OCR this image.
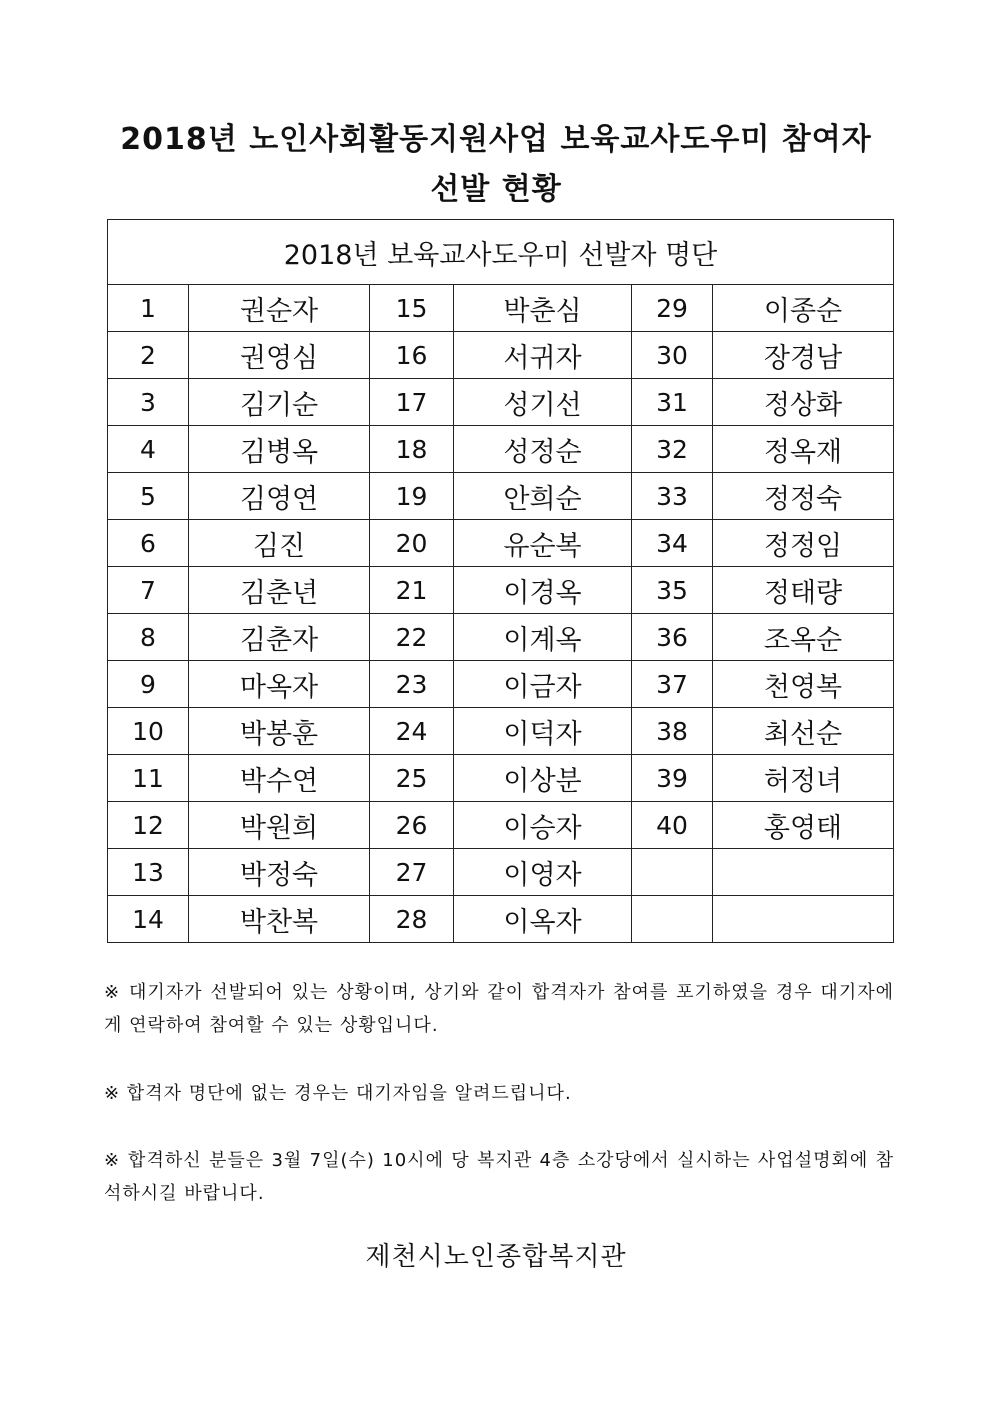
2018년 노인사회활동지원사업 보육교사도우미 참여자
선발 현황
2018년 보육교사도우미 선발자 명단					
1	권순자	15	박춘심	29	이종순
2	권영심	16	서귀자	30	장경남
3	김기순	17	성기선	31	정상화
4	김병옥	18	성정순	32	정옥재
5	김영연	19	안희순	33	정정숙
6	김진	20	유순복	34	정정임
7	김춘년	21	이경옥	35	정태량
8	김춘자	22	이계옥	36	조옥순
9	마옥자	23	이금자	37	천영복
10	박봉훈	24	이덕자	38	최선순
11	박수연	25	이상분	39	허정녀
12	박원희	26	이승자	40	홍영태
13	박정숙	27	이영자		
14	박찬복	28	이옥자		
※ 대기자가 선발되어 있는 상황이며, 상기와 같이 합격자가 참여를 포기하였을 경우 대기자에게 연락하여 참여할 수 있는 상황입니다.
※ 합격자 명단에 없는 경우는 대기자임을 알려드립니다.
※ 합격하신 분들은 3월 7일(수) 10시에 당 복지관 4층 소강당에서 실시하는 사업설명회에 참석하시길 바랍니다.
제천시노인종합복지관
